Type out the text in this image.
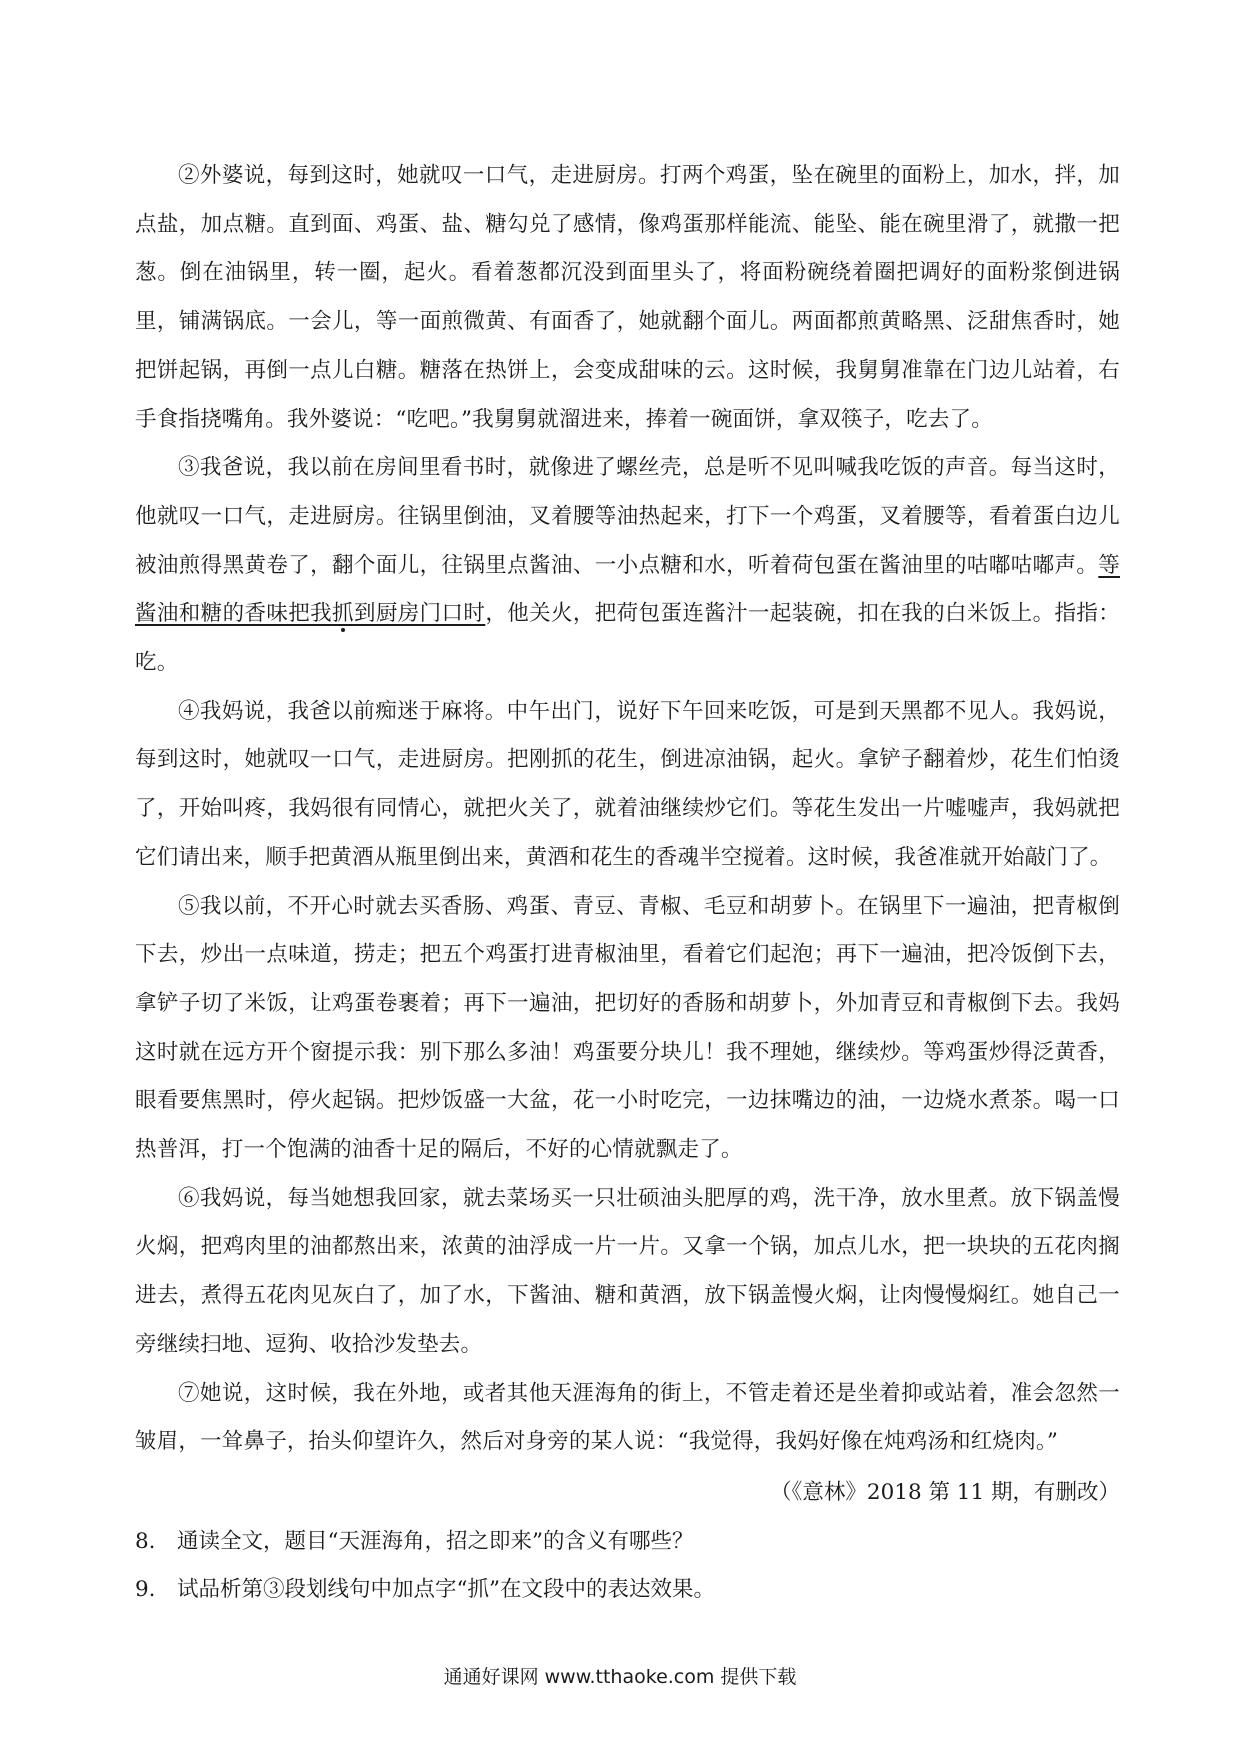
②外婆说，每到这时，她就叹一口气，走进厨房。打两个鸡蛋，坠在碗里的面粉上，加水，拌，加点盐，加点糖。直到面、鸡蛋、盐、糖勾兑了感情，像鸡蛋那样能流、能坠、能在碗里滑了，就撒一把葱。倒在油锅里，转一圈，起火。看着葱都沉没到面里头了，将面粉碗绕着圈把调好的面粉浆倒进锅里，铺满锅底。一会儿，等一面煎微黄、有面香了，她就翻个面儿。两面都煎黄略黑、泛甜焦香时，她把饼起锅，再倒一点儿白糖。糖落在热饼上，会变成甜味的云。这时候，我舅舅准靠在门边儿站着，右手食指挠嘴角。我外婆说：“吃吧。”我舅舅就溜进来，捧着一碗面饼，拿双筷子，吃去了。

③我爸说，我以前在房间里看书时，就像进了螺丝壳，总是听不见叫喊我吃饭的声音。每当这时，他就叹一口气，走进厨房。往锅里倒油，叉着腰等油热起来，打下一个鸡蛋，叉着腰等，看着蛋白边儿被油煎得黑黄卷了，翻个面儿，往锅里点酱油、一小点糖和水，听着荷包蛋在酱油里的咕嘟咕嘟声。等酱油和糖的香味把我抓到厨房门口时，他关火，把荷包蛋连酱汁一起装碗，扣在我的白米饭上。指指：吃。

④我妈说，我爸以前痴迷于麻将。中午出门，说好下午回来吃饭，可是到天黑都不见人。我妈说，每到这时，她就叹一口气，走进厨房。把刚抓的花生，倒进凉油锅，起火。拿铲子翻着炒，花生们怕烫了，开始叫疼，我妈很有同情心，就把火关了，就着油继续炒它们。等花生发出一片嘘嘘声，我妈就把它们请出来，顺手把黄酒从瓶里倒出来，黄酒和花生的香魂半空搅着。这时候，我爸准就开始敲门了。

⑤我以前，不开心时就去买香肠、鸡蛋、青豆、青椒、毛豆和胡萝卜。在锅里下一遍油，把青椒倒下去，炒出一点味道，捞走；把五个鸡蛋打进青椒油里，看着它们起泡；再下一遍油，把冷饭倒下去，拿铲子切了米饭，让鸡蛋卷裹着；再下一遍油，把切好的香肠和胡萝卜，外加青豆和青椒倒下去。我妈这时就在远方开个窗提示我：别下那么多油！鸡蛋要分块儿！我不理她，继续炒。等鸡蛋炒得泛黄香，眼看要焦黑时，停火起锅。把炒饭盛一大盆，花一小时吃完，一边抹嘴边的油，一边烧水煮茶。喝一口热普洱，打一个饱满的油香十足的隔后，不好的心情就飘走了。

⑥我妈说，每当她想我回家，就去菜场买一只壮硕油头肥厚的鸡，洗干净，放水里煮。放下锅盖慢火焖，把鸡肉里的油都熬出来，浓黄的油浮成一片一片。又拿一个锅，加点儿水，把一块块的五花肉搁进去，煮得五花肉见灰白了，加了水，下酱油、糖和黄酒，放下锅盖慢火焖，让肉慢慢焖红。她自己一旁继续扫地、逗狗、收拾沙发垫去。

⑦她说，这时候，我在外地，或者其他天涯海角的街上，不管走着还是坐着抑或站着，准会忽然一皱眉，一耸鼻子，抬头仰望许久，然后对身旁的某人说：“我觉得，我妈好像在炖鸡汤和红烧肉。”

（《意林》2018 第 11 期，有删改）

8. 通读全文，题目“天涯海角，招之即来”的含义有哪些？

9. 试品析第③段划线句中加点字“抓”在文段中的表达效果。

通通好课网 www.tthaoke.com 提供下载
